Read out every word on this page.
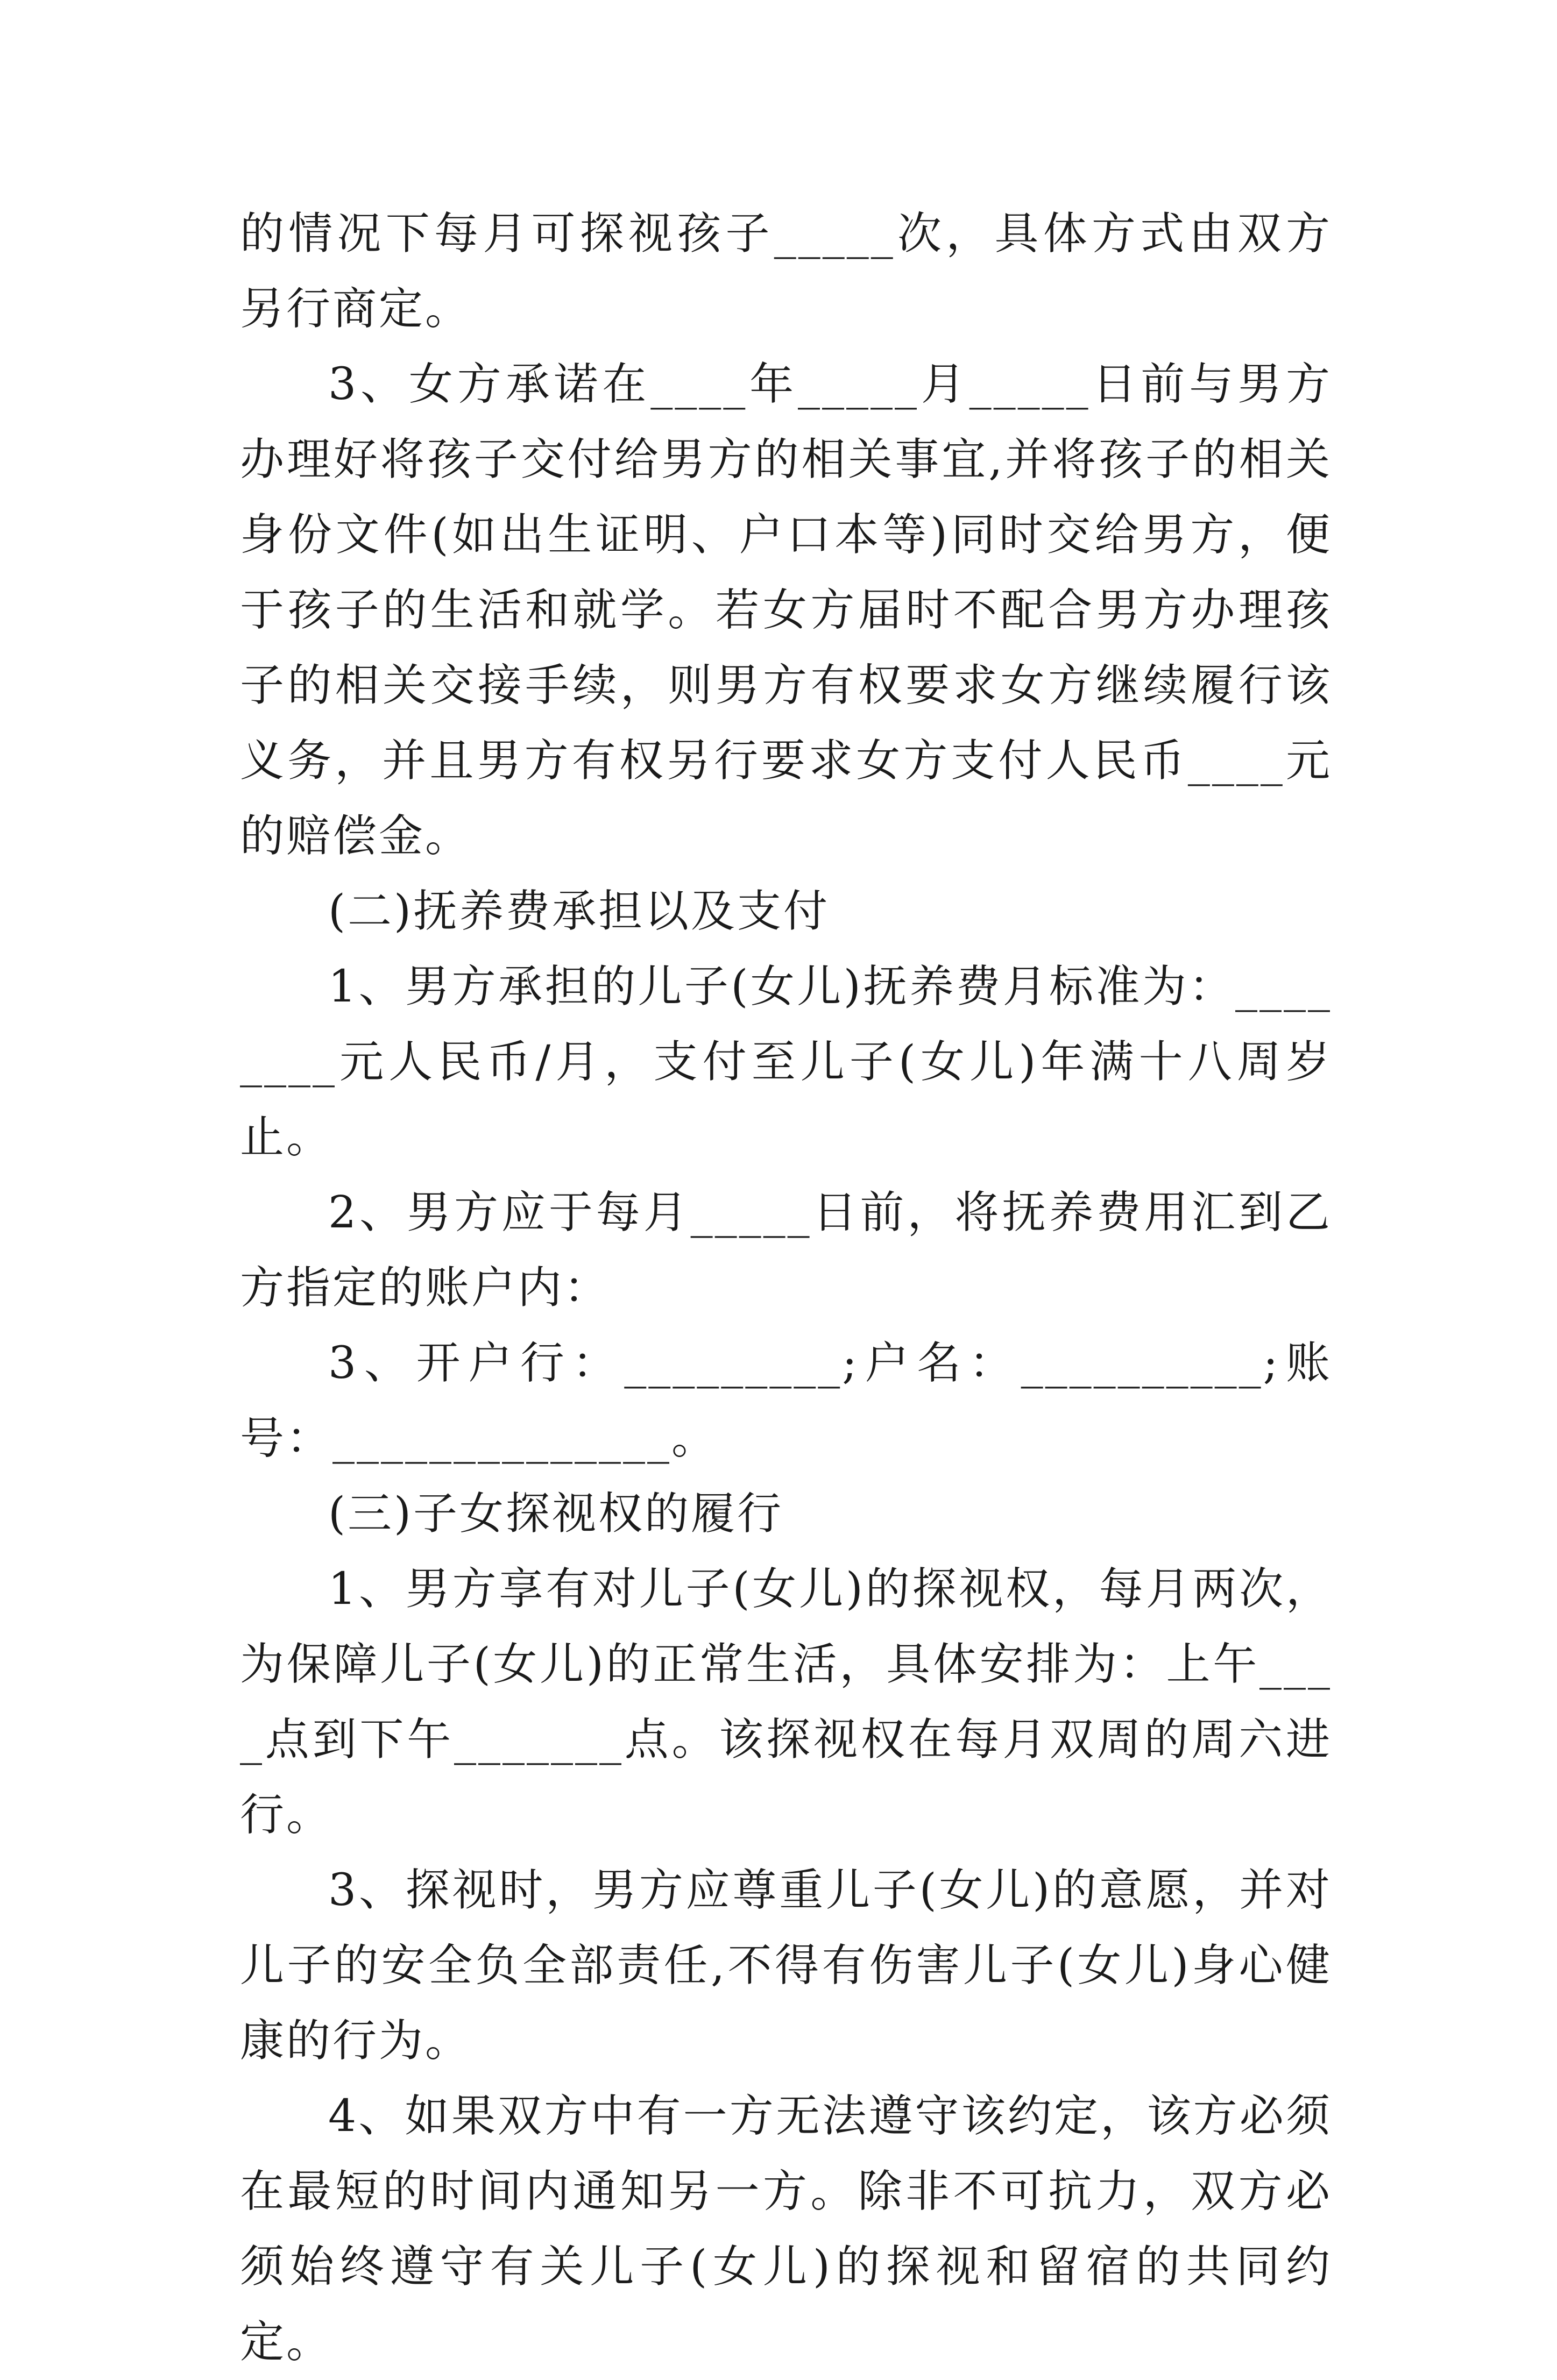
的情况下每月可探视孩子_____次，具体方式由双方另行商定。

3、女方承诺在____年_____月_____日前与男方办理好将孩子交付给男方的相关事宜,并将孩子的相关身份文件(如出生证明、户口本等)同时交给男方，便于孩子的生活和就学。若女方届时不配合男方办理孩子的相关交接手续，则男方有权要求女方继续履行该义务，并且男方有权另行要求女方支付人民币____元的赔偿金。

(二)抚养费承担以及支付

1、男方承担的儿子(女儿)抚养费月标准为：________元人民币/月，支付至儿子(女儿)年满十八周岁止。

2、男方应于每月_____日前，将抚养费用汇到乙方指定的账户内：

3、开户行：_________;户名：__________;账号：______________。

(三)子女探视权的履行

1、男方享有对儿子(女儿)的探视权，每月两次，为保障儿子(女儿)的正常生活，具体安排为：上午____点到下午_______点。该探视权在每月双周的周六进行。

3、探视时，男方应尊重儿子(女儿)的意愿，并对儿子的安全负全部责任,不得有伤害儿子(女儿)身心健康的行为。

4、如果双方中有一方无法遵守该约定，该方必须在最短的时间内通知另一方。除非不可抗力，双方必须始终遵守有关儿子(女儿)的探视和留宿的共同约定。
